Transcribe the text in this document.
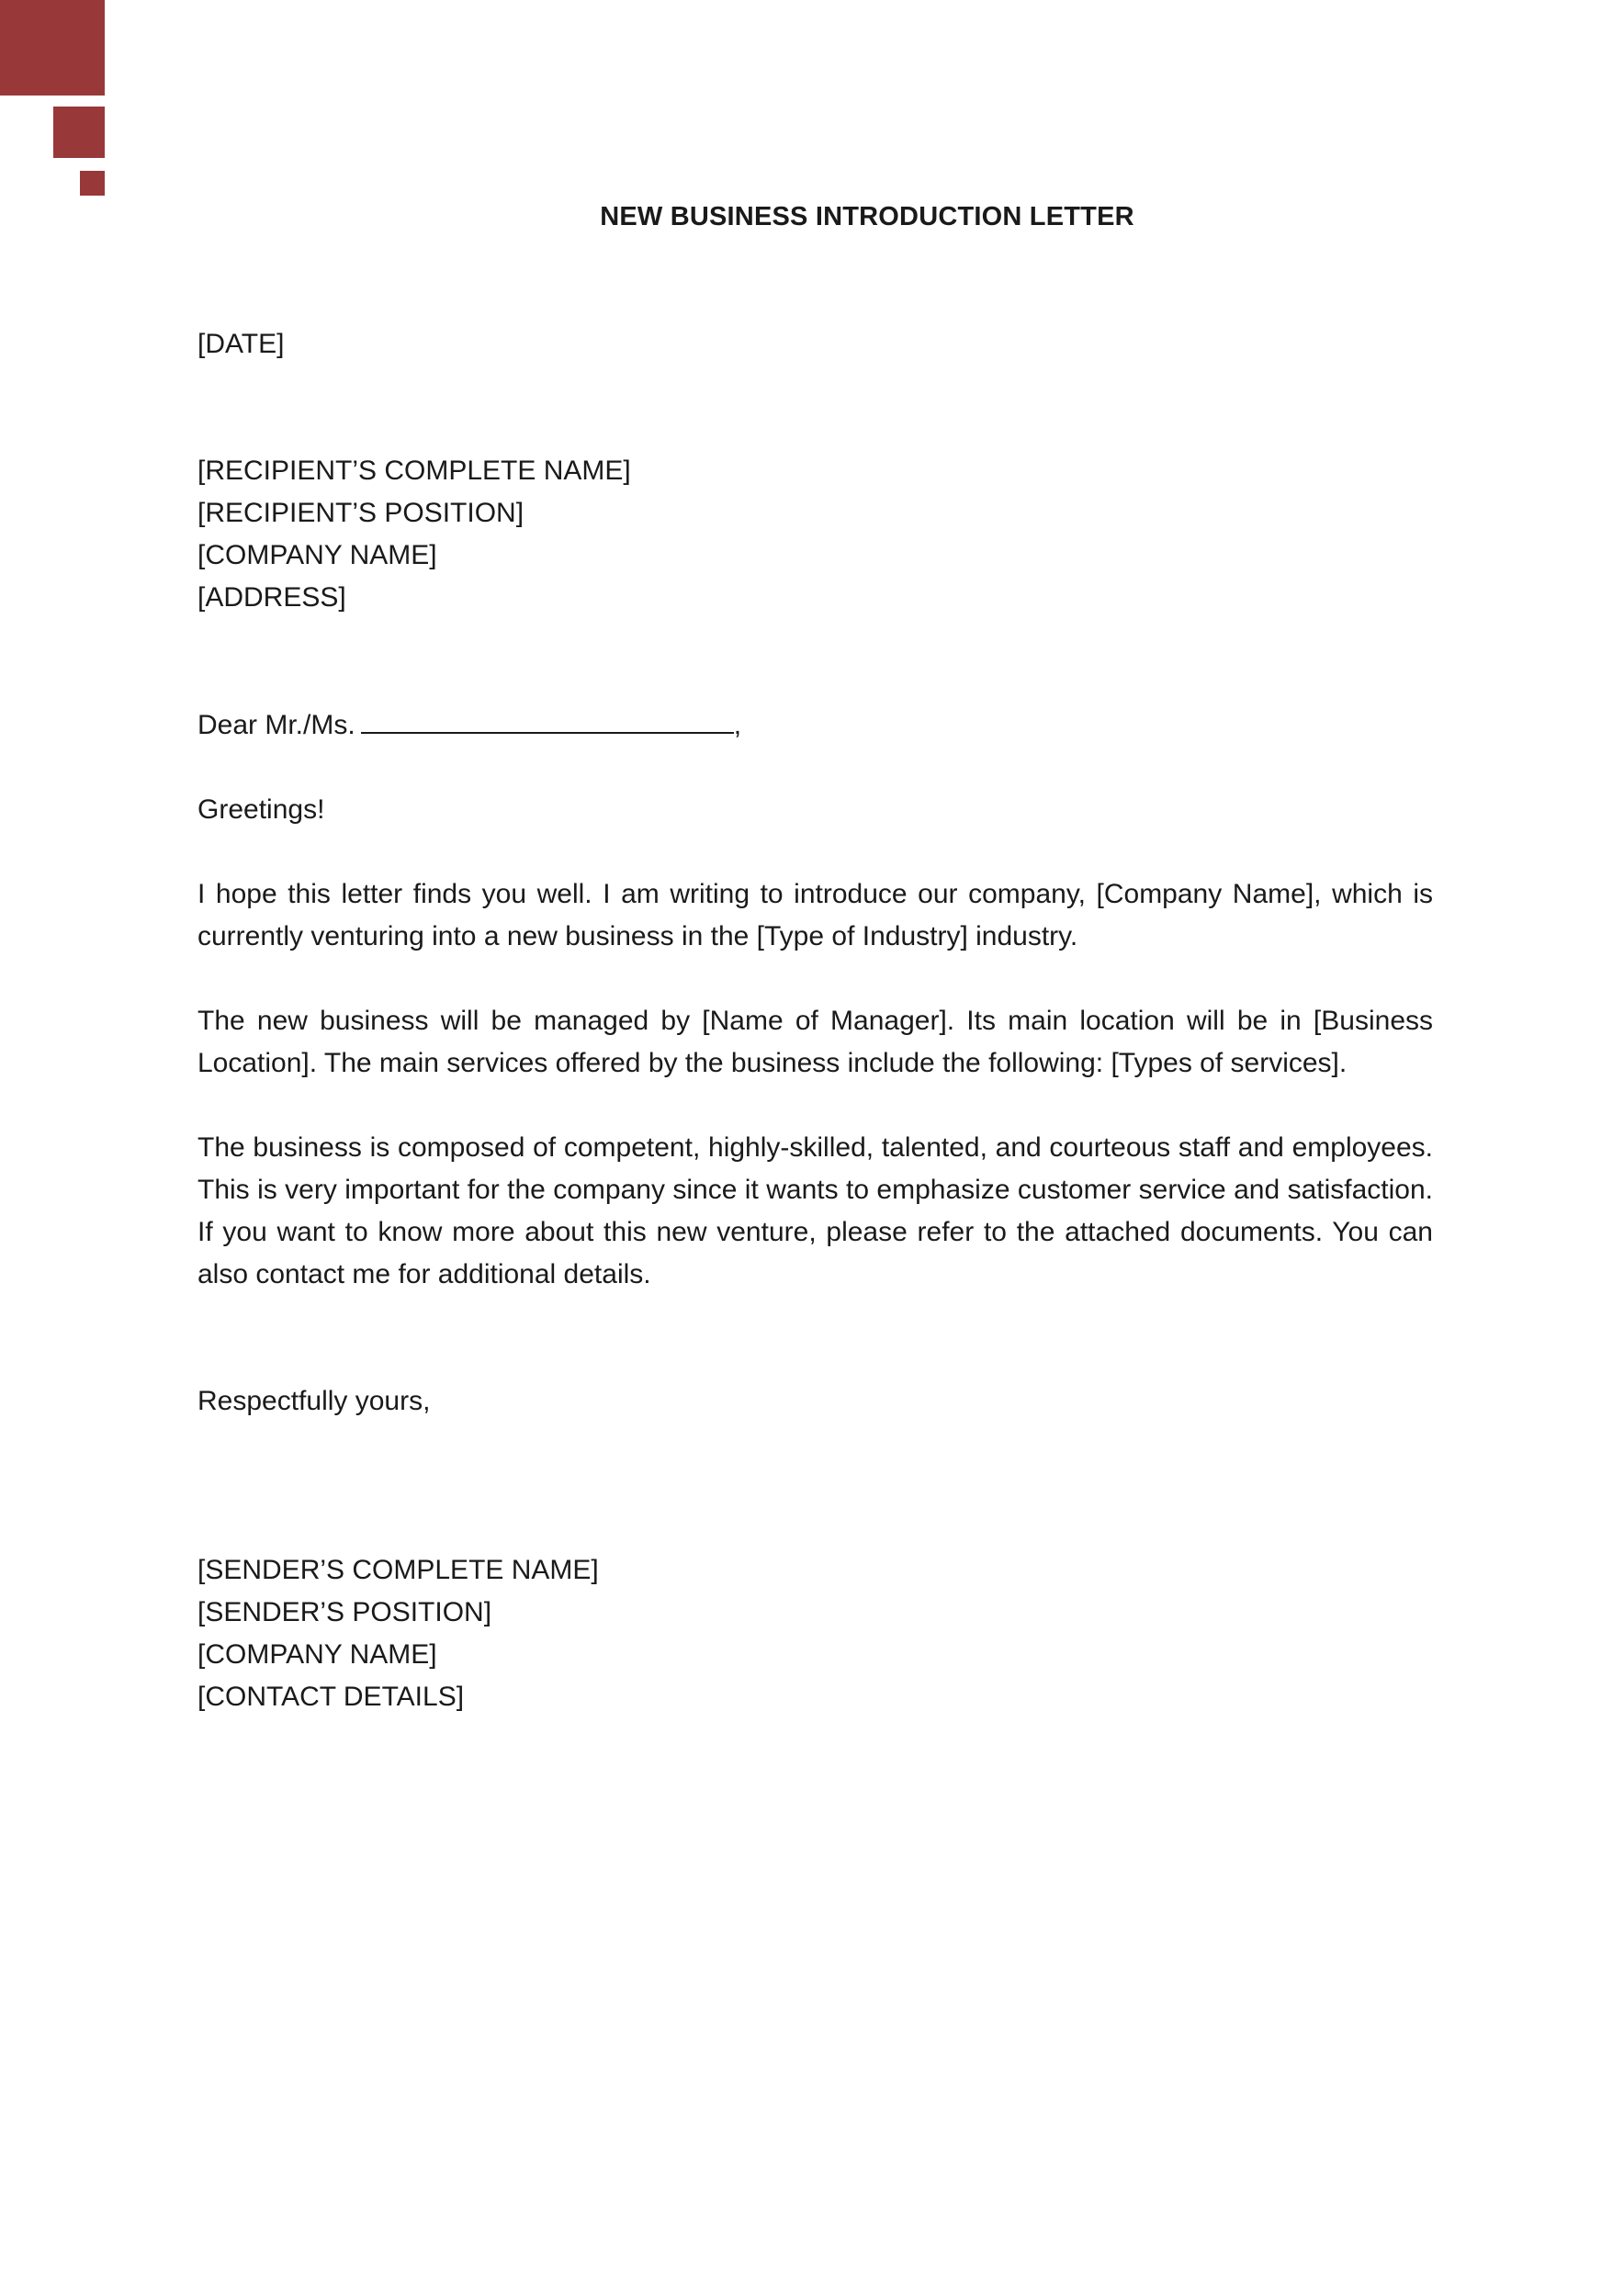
NEW BUSINESS INTRODUCTION LETTER
[DATE]
[RECIPIENT’S COMPLETE NAME]
[RECIPIENT’S POSITION]
[COMPANY NAME]
[ADDRESS]
Dear Mr./Ms.	,
Greetings!
I hope this letter finds you well. I am writing to introduce our company, [Company Name], which is currently venturing into a new business in the [Type of Industry] industry.
The new business will be managed by [Name of Manager]. Its main location will be in [Business Location]. The main services offered by the business include the following: [Types of services].
The business is composed of competent, highly-skilled, talented, and courteous staff and employees. This is very important for the company since it wants to emphasize customer service and satisfaction. If you want to know more about this new venture, please refer to the attached documents. You can also contact me for additional details.
Respectfully yours,
[SENDER’S COMPLETE NAME]
[SENDER’S POSITION]
[COMPANY NAME]
[CONTACT DETAILS]
